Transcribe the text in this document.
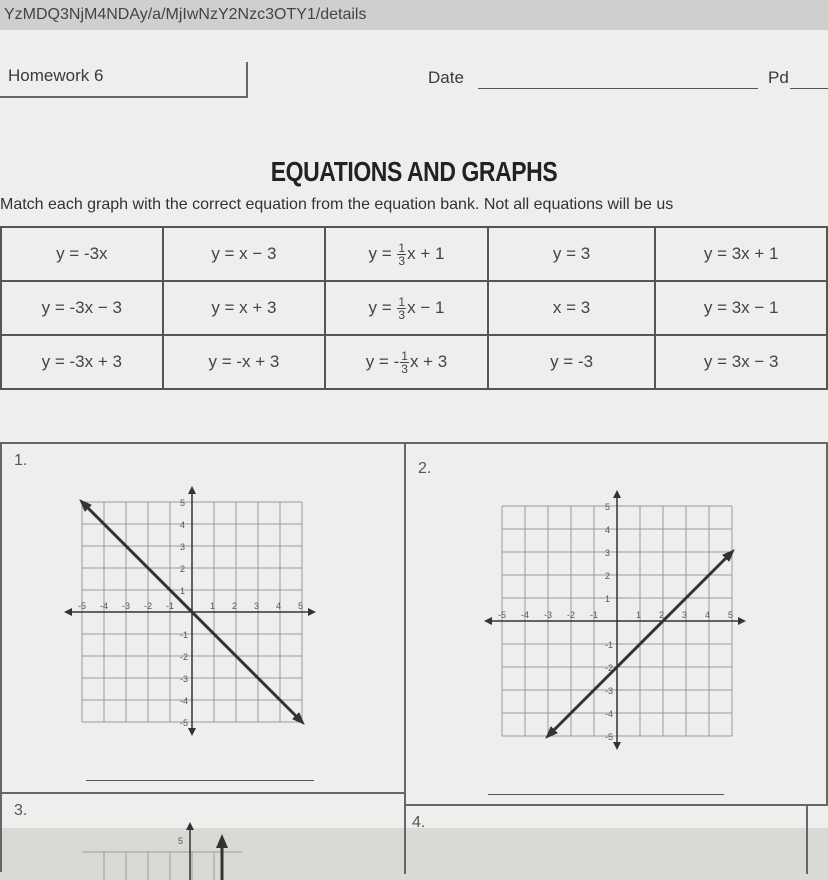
YzMDQ3NjM4NDAy/a/MjIwNzY2Nzc3OTY1/details
Homework 6	Date	Pd
EQUATIONS AND GRAPHS
Match each graph with the correct equation from the equation bank. Not all equations will be us
y = -3x	y = x − 3	$y = \frac{1}{3}$ x + 1	y = 3	y = 3x + 1
y = -3x − 3	y = x + 3	$y = \frac{1}{3}$ x − 1	x = 3	y = 3x − 1
y = -3x + 3	y = -x + 3	y = - $\frac{1}{3}$ x + 3	y = -3	y = 3x − 3
1.
-5 -4 -3 -2 -1	1 2 3 4 5
5
4
3
2
1
-1
-2
-3
-4
-5
2.
-5 -4 -3 -2 -1	1 2 3 4 5
5
4
3
2
1
-1
-2
-3
-4
-5
3.
5
4.
